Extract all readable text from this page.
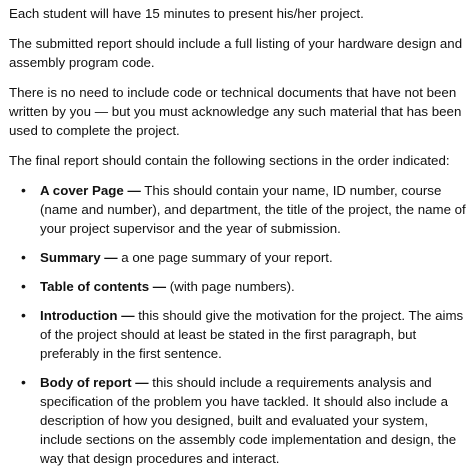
Each student will have 15 minutes to present his/her project.

The submitted report should include a full listing of your hardware design and assembly program code.

There is no need to include code or technical documents that have not been written by you — but you must acknowledge any such material that has been used to complete the project.

The final report should contain the following sections in the order indicated:

• A cover Page — This should contain your name, ID number, course (name and number), and department, the title of the project, the name of your project supervisor and the year of submission.
• Summary — a one page summary of your report.
• Table of contents — (with page numbers).
• Introduction — this should give the motivation for the project. The aims of the project should at least be stated in the first paragraph, but preferably in the first sentence.
• Body of report — this should include a requirements analysis and specification of the problem you have tackled. It should also include a description of how you designed, built and evaluated your system, include sections on the assembly code implementation and design, the way that design procedures and interact.
